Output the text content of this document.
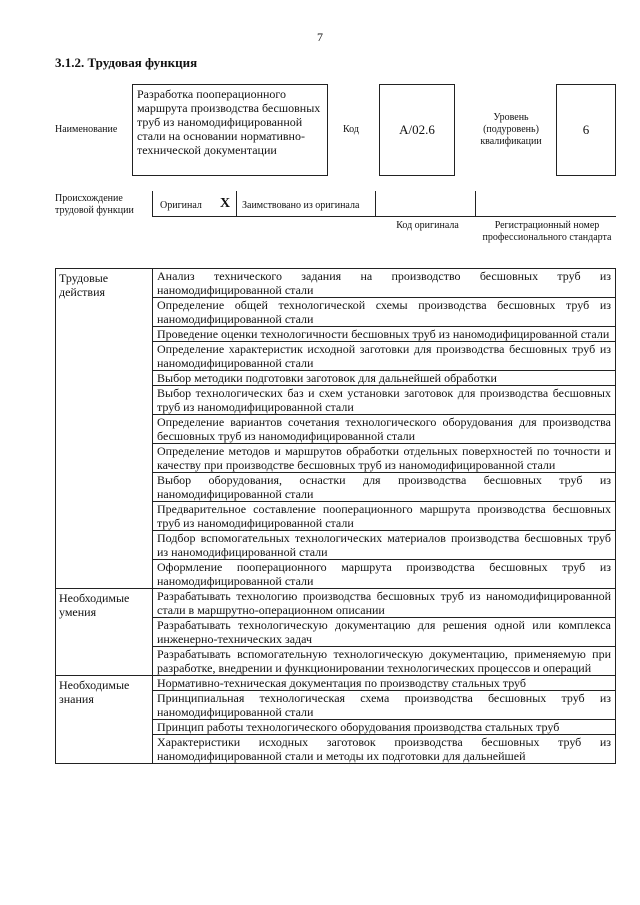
7
3.1.2. Трудовая функция
Наименование
Разработка пооперационного маршрута производства бесшовных труб из наномодифицированной стали на основании нормативно-технической документации
Код	А/02.6
Уровень (подуровень) квалификации
6
Происхождение трудовой функции	Оригинал X Заимствовано из оригинала
Код оригинала	Регистрационный номер профессионального стандарта
Трудовые действия	Анализ технического задания на производство бесшовных труб из наномодифицированной стали
	Определение общей технологической схемы производства бесшовных труб из наномодифицированной стали
	Проведение оценки технологичности бесшовных труб из наномодифицированной стали
	Определение характеристик исходной заготовки для производства бесшовных труб из наномодифицированной стали
	Выбор методики подготовки заготовок для дальнейшей обработки
	Выбор технологических баз и схем установки заготовок для производства бесшовных труб из наномодифицированной стали
	Определение вариантов сочетания технологического оборудования для производства бесшовных труб из наномодифицированной стали
	Определение методов и маршрутов обработки отдельных поверхностей по точности и качеству при производстве бесшовных труб из наномодифицированной стали
	Выбор оборудования, оснастки для производства бесшовных труб из наномодифицированной стали
	Предварительное составление пооперационного маршрута производства бесшовных труб из наномодифицированной стали
	Подбор вспомогательных технологических материалов производства бесшовных труб из наномодифицированной стали
	Оформление пооперационного маршрута производства бесшовных труб из наномодифицированной стали
Необходимые умения	Разрабатывать технологию производства бесшовных труб из наномодифицированной стали в маршрутно-операционном описании
	Разрабатывать технологическую документацию для решения одной или комплекса инженерно-технических задач
	Разрабатывать вспомогательную технологическую документацию, применяемую при разработке, внедрении и функционировании технологических процессов и операций
Необходимые знания	Нормативно-техническая документация по производству стальных труб
	Принципиальная технологическая схема производства бесшовных труб из наномодифицированной стали
	Принцип работы технологического оборудования производства стальных труб
	Характеристики исходных заготовок производства бесшовных труб из наномодифицированной стали и методы их подготовки для дальнейшей
